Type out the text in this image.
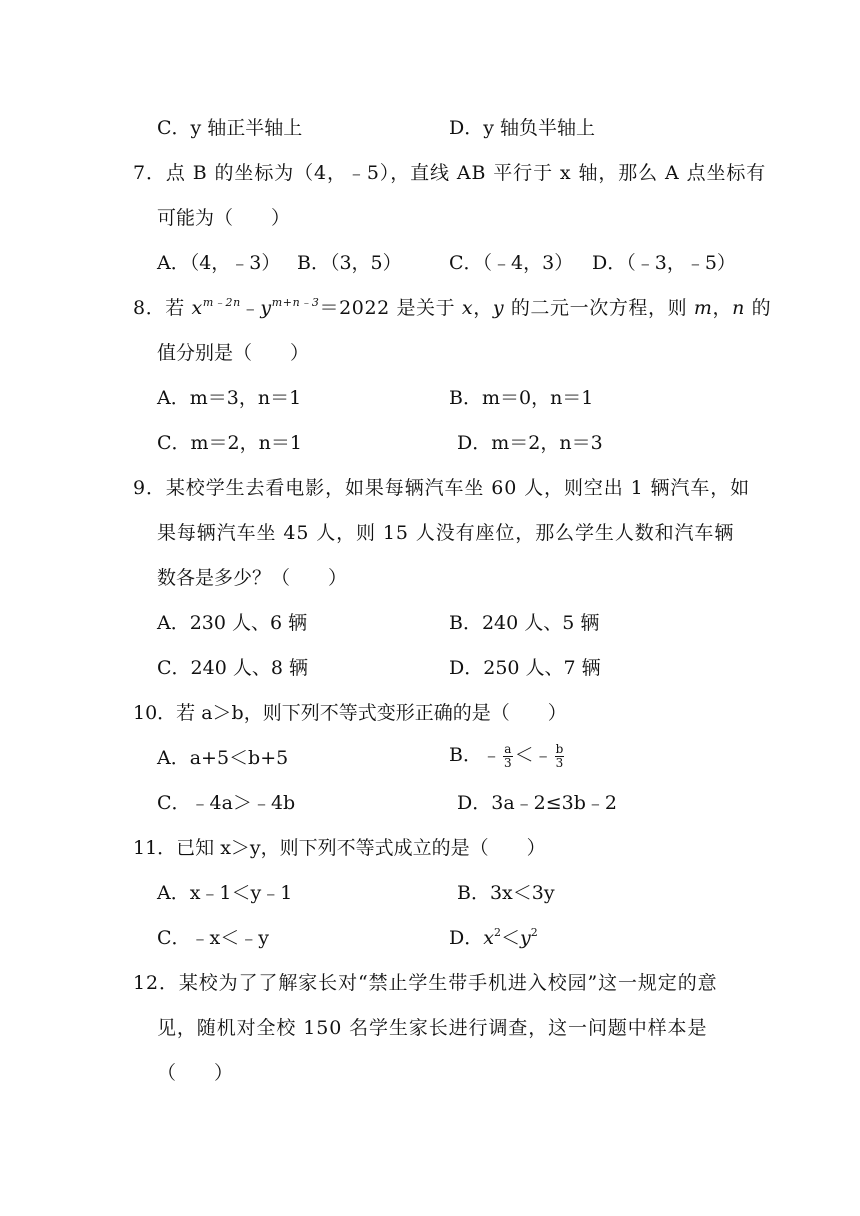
C．y 轴正半轴上	D．y 轴负半轴上
7．点 B 的坐标为（4，﹣5），直线 AB 平行于 x 轴，那么 A 点坐标有
可能为（　　）
A．（4，﹣3） B．（3，5） C．（﹣4，3） D．（﹣3，﹣5）
8．若 $x^{m﹣2n}﹣y^{m+n﹣3}=2022$ 是关于 x，y 的二元一次方程，则 m，n 的
值分别是（　　）
A．m＝3，n＝1	B．m＝0，n＝1
C．m＝2，n＝1	D．m＝2，n＝3
9．某校学生去看电影，如果每辆汽车坐 60 人，则空出 1 辆汽车，如
果每辆汽车坐 45 人，则 15 人没有座位，那么学生人数和汽车辆
数各是多少？（　　）
A．230 人、6 辆	B．240 人、5 辆
C．240 人、8 辆	D．250 人、7 辆
10．若 a＞b，则下列不等式变形正确的是（　　）
A．a+5＜b+5	B．﹣ $\frac{a}{3}$ ＜﹣ $\frac{b}{3}$
C．﹣4a＞﹣4b	D．3a﹣2≤3b﹣2
11．已知 x＞y，则下列不等式成立的是（　　）
A．x﹣1＜y﹣1	B．3x＜3y
C．﹣x＜﹣y	D．$x^2<y^2$
12．某校为了了解家长对“禁止学生带手机进入校园”这一规定的意
见，随机对全校 150 名学生家长进行调查，这一问题中样本是
（　　）
